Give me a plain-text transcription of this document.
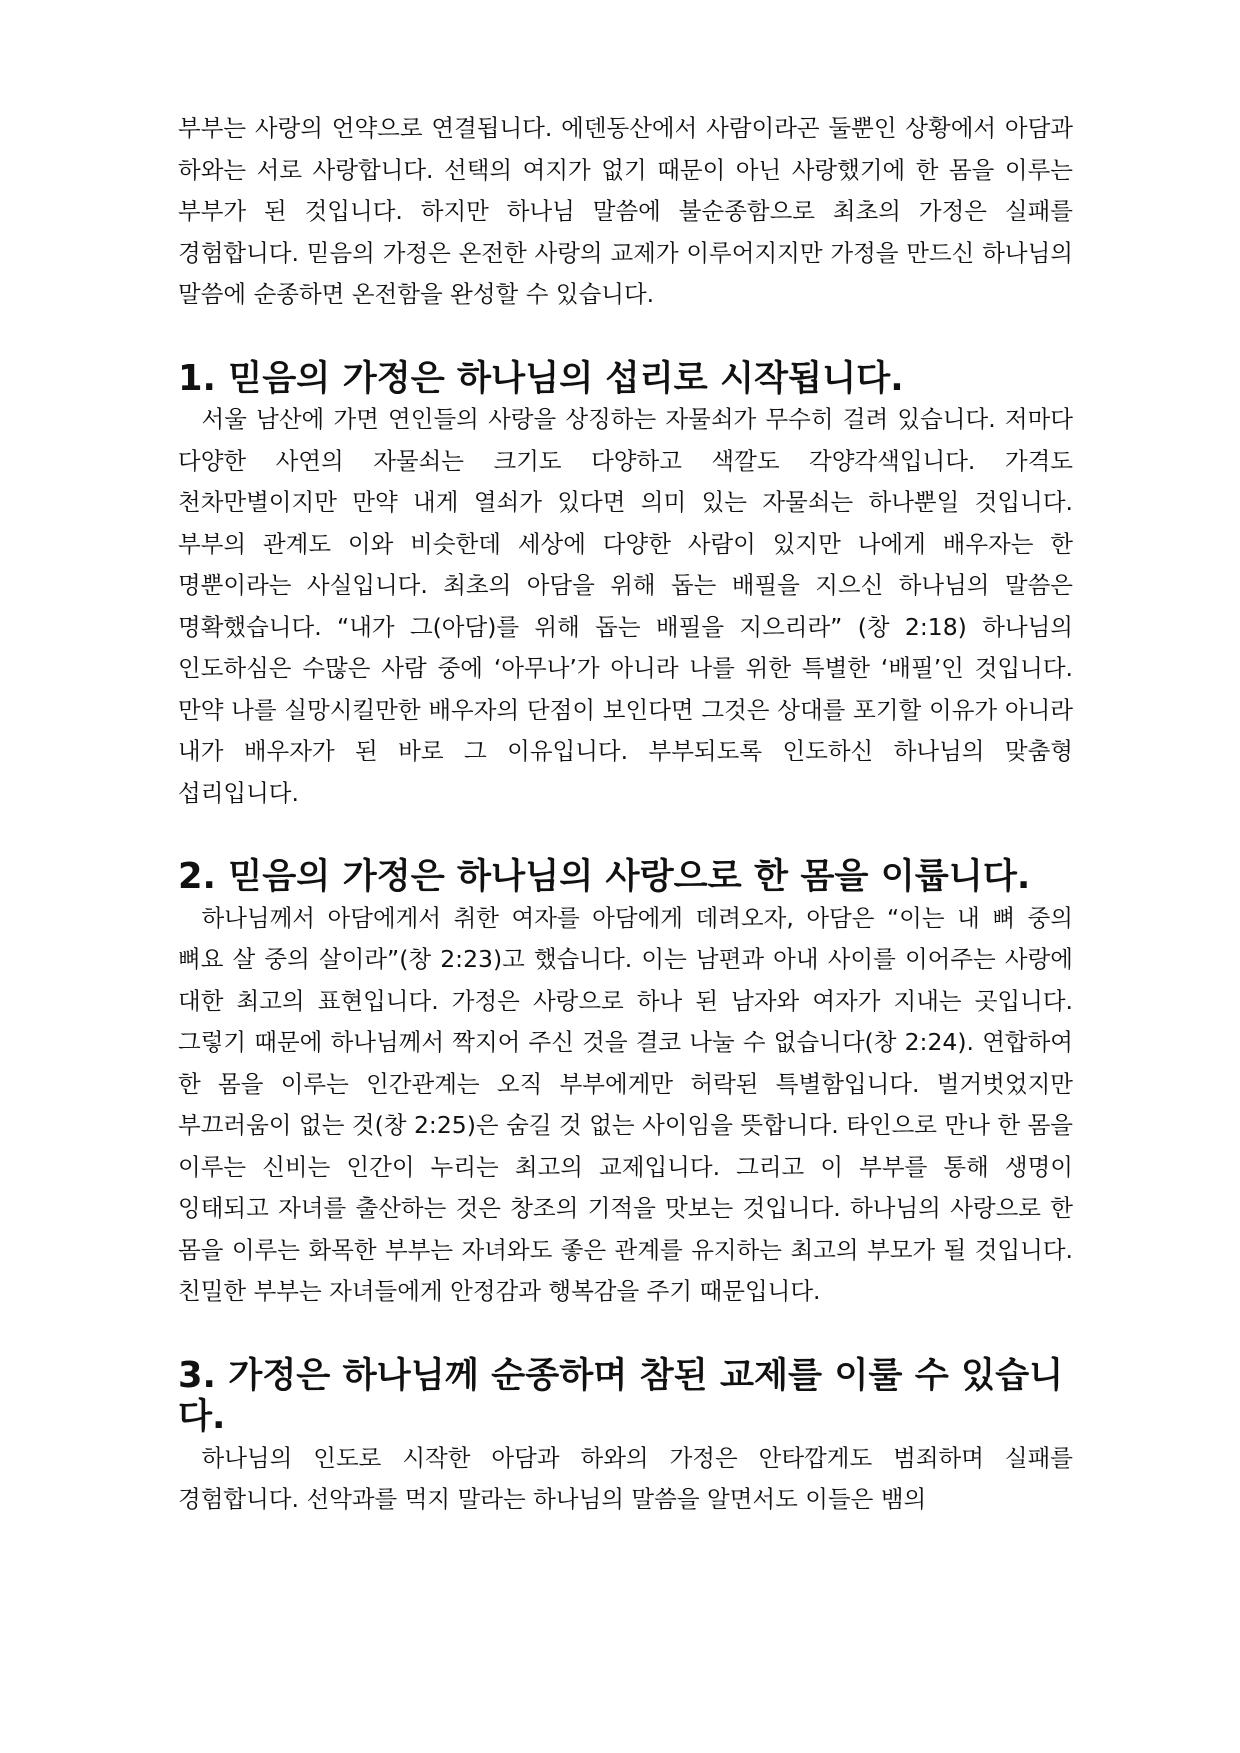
부부는 사랑의 언약으로 연결됩니다. 에덴동산에서 사람이라곤 둘뿐인 상황에서 아담과 하와는 서로 사랑합니다. 선택의 여지가 없기 때문이 아닌 사랑했기에 한 몸을 이루는 부부가 된 것입니다. 하지만 하나님 말씀에 불순종함으로 최초의 가정은 실패를 경험합니다. 믿음의 가정은 온전한 사랑의 교제가 이루어지지만 가정을 만드신 하나님의 말씀에 순종하면 온전함을 완성할 수 있습니다.

1. 믿음의 가정은 하나님의 섭리로 시작됩니다.

서울 남산에 가면 연인들의 사랑을 상징하는 자물쇠가 무수히 걸려 있습니다. 저마다 다양한 사연의 자물쇠는 크기도 다양하고 색깔도 각양각색입니다. 가격도 천차만별이지만 만약 내게 열쇠가 있다면 의미 있는 자물쇠는 하나뿐일 것입니다. 부부의 관계도 이와 비슷한데 세상에 다양한 사람이 있지만 나에게 배우자는 한 명뿐이라는 사실입니다. 최초의 아담을 위해 돕는 배필을 지으신 하나님의 말씀은 명확했습니다. “내가 그(아담)를 위해 돕는 배필을 지으리라” (창 2:18) 하나님의 인도하심은 수많은 사람 중에 ‘아무나’가 아니라 나를 위한 특별한 ‘배필’인 것입니다. 만약 나를 실망시킬만한 배우자의 단점이 보인다면 그것은 상대를 포기할 이유가 아니라 내가 배우자가 된 바로 그 이유입니다. 부부되도록 인도하신 하나님의 맞춤형 섭리입니다.

2. 믿음의 가정은 하나님의 사랑으로 한 몸을 이룹니다.

하나님께서 아담에게서 취한 여자를 아담에게 데려오자, 아담은 “이는 내 뼈 중의 뼈요 살 중의 살이라”(창 2:23)고 했습니다. 이는 남편과 아내 사이를 이어주는 사랑에 대한 최고의 표현입니다. 가정은 사랑으로 하나 된 남자와 여자가 지내는 곳입니다. 그렇기 때문에 하나님께서 짝지어 주신 것을 결코 나눌 수 없습니다(창 2:24). 연합하여 한 몸을 이루는 인간관계는 오직 부부에게만 허락된 특별함입니다. 벌거벗었지만 부끄러움이 없는 것(창 2:25)은 숨길 것 없는 사이임을 뜻합니다. 타인으로 만나 한 몸을 이루는 신비는 인간이 누리는 최고의 교제입니다. 그리고 이 부부를 통해 생명이 잉태되고 자녀를 출산하는 것은 창조의 기적을 맛보는 것입니다. 하나님의 사랑으로 한 몸을 이루는 화목한 부부는 자녀와도 좋은 관계를 유지하는 최고의 부모가 될 것입니다. 친밀한 부부는 자녀들에게 안정감과 행복감을 주기 때문입니다.

3. 가정은 하나님께 순종하며 참된 교제를 이룰 수 있습니다.

하나님의 인도로 시작한 아담과 하와의 가정은 안타깝게도 범죄하며 실패를 경험합니다. 선악과를 먹지 말라는 하나님의 말씀을 알면서도 이들은 뱀의
